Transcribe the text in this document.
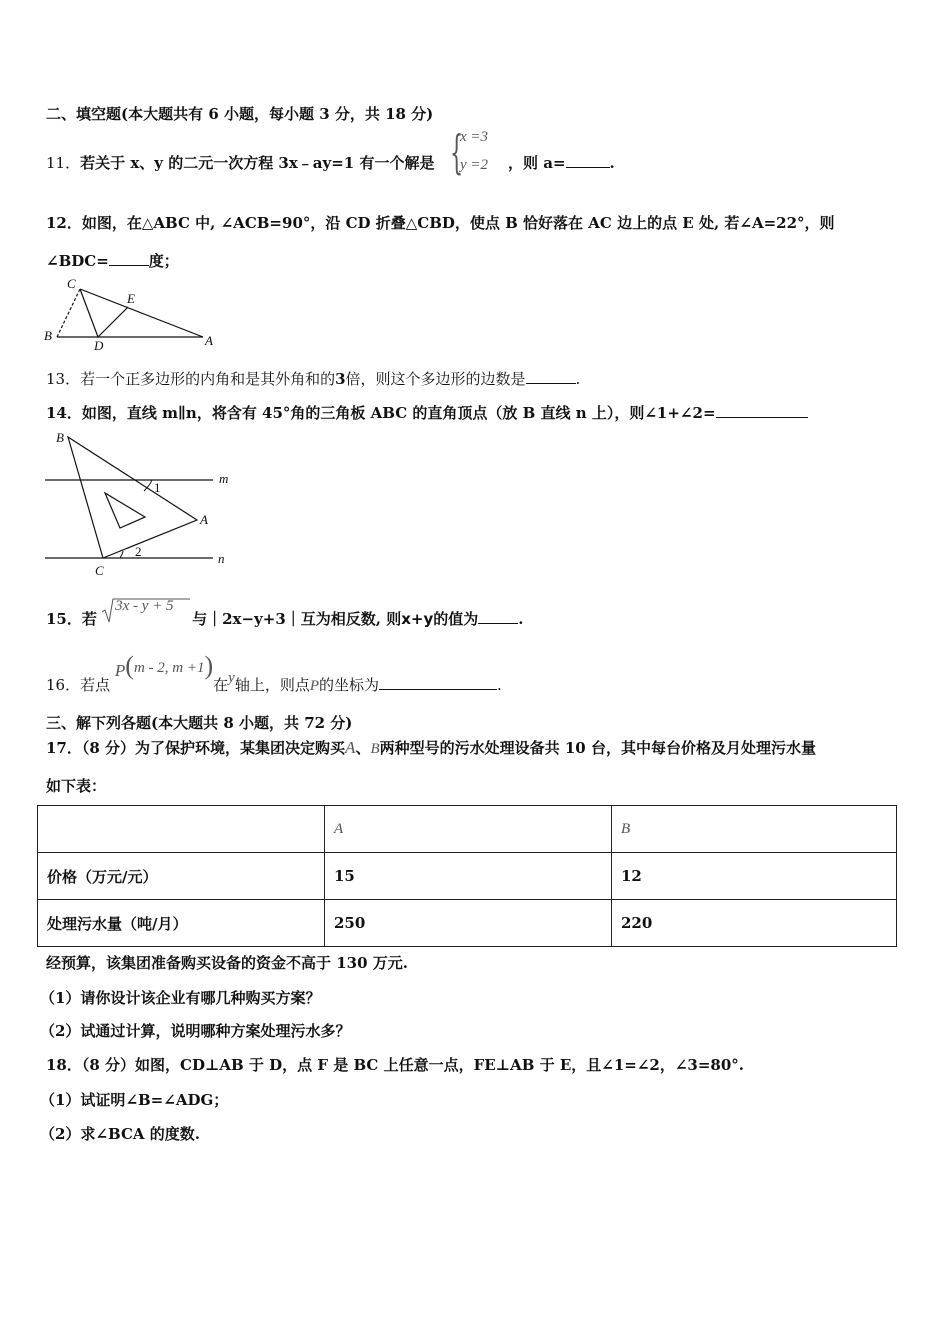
二、填空题(本大题共有 6 小题，每小题 3 分，共 18 分)
11．若关于 x、y 的二元一次方程 3x﹣ay=1 有一个解是 {
x =3
y =2 ，则 a=	.
12．如图，在△ABC 中, ∠ACB=90°，沿 CD 折叠△CBD，使点 B 恰好落在 AC 边上的点 E 处, 若∠A=22°，则
∠BDC=	度；
C
E
B
D	A
13．若一个正多边形的内角和是其外角和的3倍，则这个多边形的边数是	.
14．如图，直线 m∥n，将含有 45°角的三角板 ABC 的直角顶点（放 B 直线 n 上），则∠1+∠2=
B
m
1
A
2
C
n
15．若
3x - y + 5
与｜2x−y+3｜互为相反数, 则x+y的值为	.
16．若点 P(m - 2, m +1)在y轴上，则点P的坐标为	.
三、解下列各题(本大题共 8 小题，共 72 分)
17．（8 分）为了保护环境，某集团决定购买A、B两种型号的污水处理设备共 10 台，其中每台价格及月处理污水量
如下表：
	A	B
价格（万元/元）	15	12
处理污水量（吨/月）	250	220
经预算，该集团准备购买设备的资金不高于 130 万元.
（1）请你设计该企业有哪几种购买方案？
（2）试通过计算，说明哪种方案处理污水多？
18．（8 分）如图，CD⊥AB 于 D，点 F 是 BC 上任意一点，FE⊥AB 于 E，且∠1=∠2，∠3=80°.
（1）试证明∠B=∠ADG；
（2）求∠BCA 的度数.
